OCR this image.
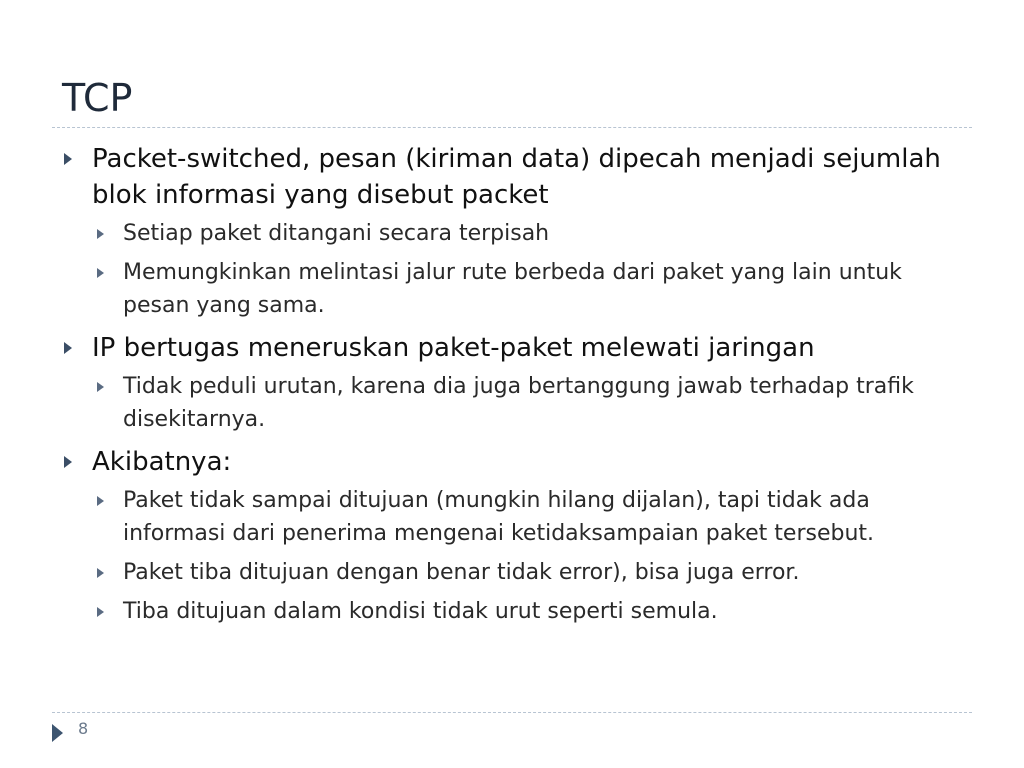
TCP
Packet-switched, pesan (kiriman data) dipecah menjadi sejumlah blok informasi yang disebut packet
Setiap paket ditangani secara terpisah
Memungkinkan melintasi jalur rute berbeda dari paket yang lain untuk pesan yang sama.
IP bertugas meneruskan paket-paket melewati jaringan
Tidak peduli urutan, karena dia juga bertanggung jawab terhadap trafik disekitarnya.
Akibatnya:
Paket tidak sampai ditujuan (mungkin hilang dijalan), tapi tidak ada informasi dari penerima mengenai ketidaksampaian paket tersebut.
Paket tiba ditujuan dengan benar tidak error), bisa juga error.
Tiba ditujuan dalam kondisi tidak urut seperti semula.
8
